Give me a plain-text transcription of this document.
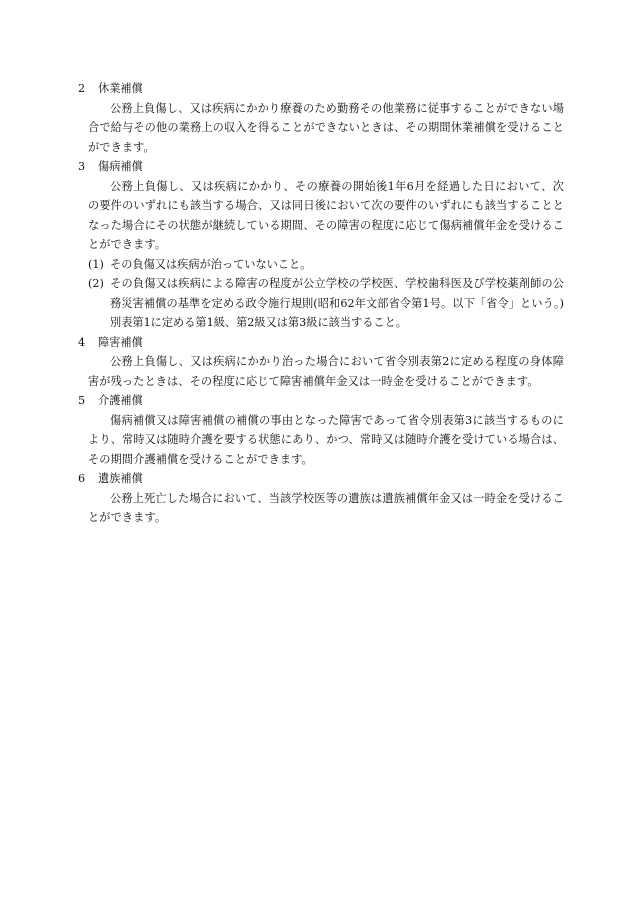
2 休業補償

公務上負傷し、又は疾病にかかり療養のため勤務その他業務に従事することができない場合で給与その他の業務上の収入を得ることができないときは、その期間休業補償を受けることができます。

3 傷病補償

公務上負傷し、又は疾病にかかり、その療養の開始後1年6月を経過した日において、次の要件のいずれにも該当する場合、又は同日後において次の要件のいずれにも該当することとなった場合にその状態が継続している期間、その障害の程度に応じて傷病補償年金を受けることができます。

(1) その負傷又は疾病が治っていないこと。

(2) その負傷又は疾病による障害の程度が公立学校の学校医、学校歯科医及び学校薬剤師の公務災害補償の基準を定める政令施行規則(昭和62年文部省令第1号。以下「省令」という。)別表第1に定める第1級、第2級又は第3級に該当すること。

4 障害補償

公務上負傷し、又は疾病にかかり治った場合において省令別表第2に定める程度の身体障害が残ったときは、その程度に応じて障害補償年金又は一時金を受けることができます。

5 介護補償

傷病補償又は障害補償の補償の事由となった障害であって省令別表第3に該当するものにより、常時又は随時介護を要する状態にあり、かつ、常時又は随時介護を受けている場合は、その期間介護補償を受けることができます。

6 遺族補償

公務上死亡した場合において、当該学校医等の遺族は遺族補償年金又は一時金を受けることができます。
